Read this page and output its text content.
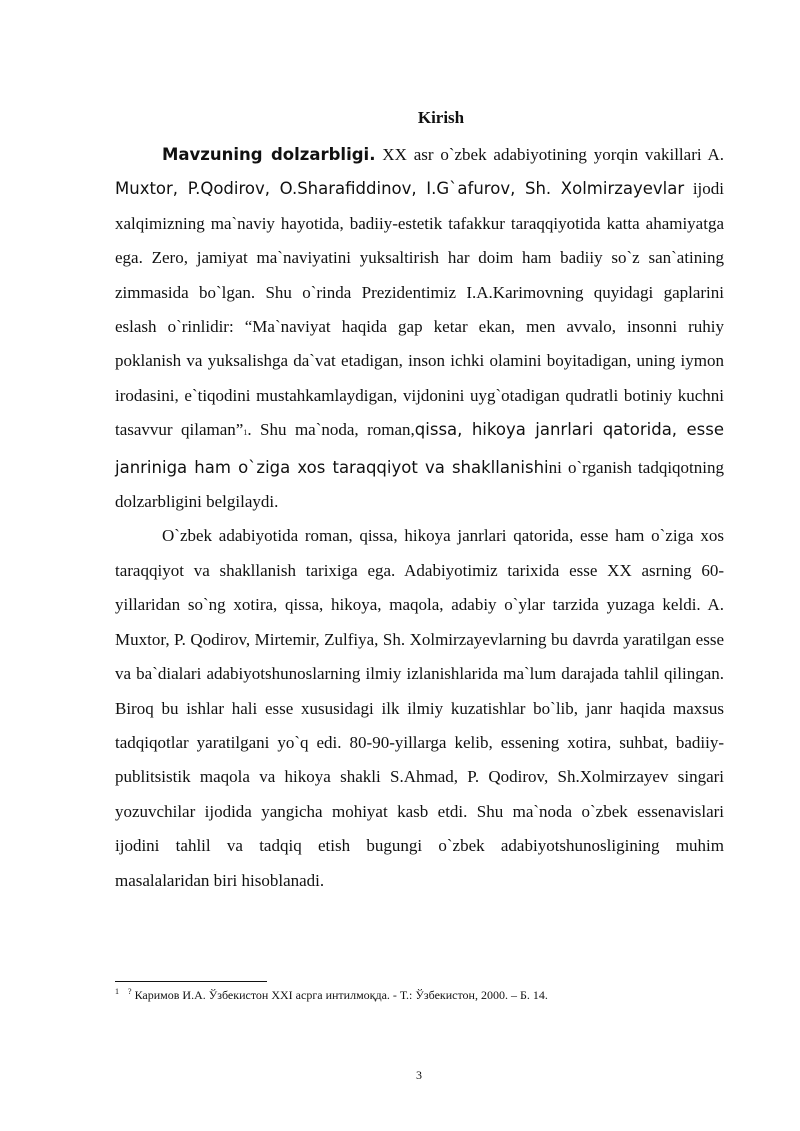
Kirish

Mavzuning dolzarbligi. XX asr o`zbek adabiyotining yorqin vakillari A. Muxtor, P.Qodirov, O.Sharafiddinov, I.G`afurov, Sh. Xolmirzayevlar ijodi xalqimizning ma`naviy hayotida, badiiy-estetik tafakkur taraqqiyotida katta ahamiyatga ega. Zero, jamiyat ma`naviyatini yuksaltirish har doim ham badiiy so`z san`atining zimmasida bo`lgan. Shu o`rinda Prezidentimiz I.A.Karimovning quyidagi gaplarini eslash o`rinlidir: “Ma`naviyat haqida gap ketar ekan, men avvalo, insonni ruhiy poklanish va yuksalishga da`vat etadigan, inson ichki olamini boyitadigan, uning iymon irodasini, e`tiqodini mustahkamlaydigan, vijdonini uyg`otadigan qudratli botiniy kuchni tasavvur qilaman”1. Shu ma`noda, roman,qissa, hikoya janrlari qatorida, esse janriniga ham o`ziga xos taraqqiyot va shakllanishini o`rganish tadqiqotning dolzarbligini belgilaydi.

O`zbek adabiyotida roman, qissa, hikoya janrlari qatorida, esse ham o`ziga xos taraqqiyot va shakllanish tarixiga ega. Adabiyotimiz tarixida esse XX asrning 60-yillaridan so`ng xotira, qissa, hikoya, maqola, adabiy o`ylar tarzida yuzaga keldi. A. Muxtor, P. Qodirov, Mirtemir, Zulfiya, Sh. Xolmirzayevlarning bu davrda yaratilgan esse va ba`dialari adabiyotshunoslarning ilmiy izlanishlarida ma`lum darajada tahlil qilingan. Biroq bu ishlar hali esse xususidagi ilk ilmiy kuzatishlar bo`lib, janr haqida maxsus tadqiqotlar yaratilgani yo`q edi. 80-90-yillarga kelib, essening xotira, suhbat, badiiy-publitsistik maqola va hikoya shakli S.Ahmad, P. Qodirov, Sh.Xolmirzayev singari yozuvchilar ijodida yangicha mohiyat kasb etdi. Shu ma`noda o`zbek essenavislari ijodini tahlil va tadqiq etish bugungi o`zbek adabiyotshunosligining muhim masalalaridan biri hisoblanadi.

$^1$ ? Каримов И.А. Ўзбекистон XXI асрга интилмоқда. - Т.: Ўзбекистон, 2000. – Б. 14.
3
